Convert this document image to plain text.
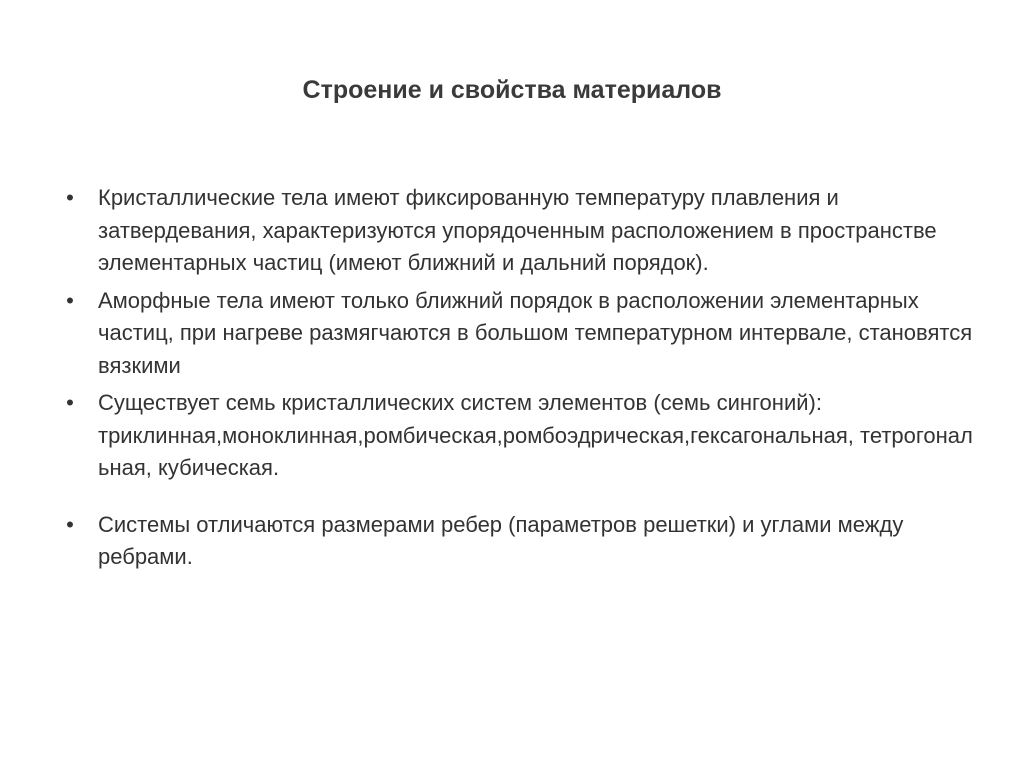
Строение и свойства материалов
• Кристаллические тела имеют фиксированную температуру плавления и затвердевания, характеризуются упорядоченным расположением в пространстве элементарных частиц (имеют ближний и дальний порядок).
• Аморфные тела имеют только ближний порядок в расположении элементарных частиц, при нагреве размягчаются в большом температурном интервале, становятся вязкими
• Существует семь кристаллических систем элементов (семь сингоний):
триклинная,моноклинная,ромбическая,ромбоэдрическая,гексагональная, тетрогональная, кубическая.
• Системы отличаются размерами ребер (параметров решетки) и углами между ребрами.
